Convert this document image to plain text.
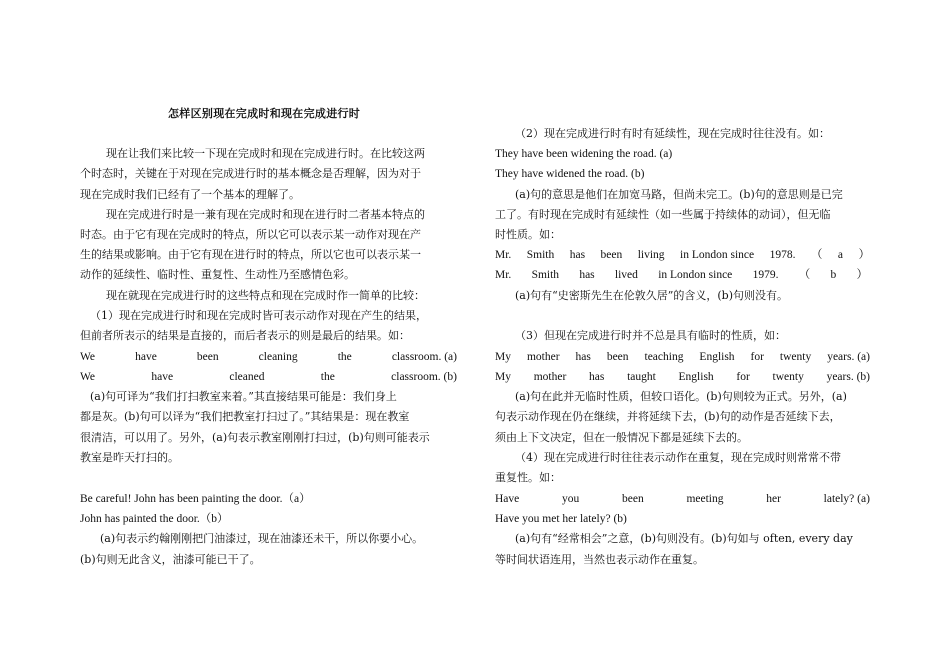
怎样区别现在完成时和现在完成进行时
现在让我们来比较一下现在完成时和现在完成进行时。在比较这两
个时态时，关键在于对现在完成进行时的基本概念是否理解，因为对于
现在完成时我们已经有了一个基本的理解了。
现在完成进行时是一兼有现在完成时和现在进行时二者基本特点的
时态。由于它有现在完成时的特点，所以它可以表示某一动作对现在产
生的结果或影响。由于它有现在进行时的特点，所以它也可以表示某一
动作的延续性、临时性、重复性、生动性乃至感情色彩。
现在就现在完成进行时的这些特点和现在完成时作一简单的比较：
（1）现在完成进行时和现在完成时皆可表示动作对现在产生的结果，
但前者所表示的结果是直接的，而后者表示的则是最后的结果。如：
We	have	been	cleaning	the	classroom. (a)
We	have	cleaned	the	classroom. (b)
(a)句可译为“我们打扫教室来着。”其直接结果可能是：我们身上
都是灰。(b)句可以译为“我们把教室打扫过了。”其结果是：现在教室
很清洁，可以用了。另外，(a)句表示教室刚刚打扫过，(b)句则可能表示
教室是昨天打扫的。
Be careful! John has been painting the door.（a）
John has painted the door.（b）
(a)句表示约翰刚刚把门油漆过，现在油漆还未干，所以你要小心。
(b)句则无此含义，油漆可能已干了。
（2）现在完成进行时有时有延续性，现在完成时往往没有。如：
They have been widening the road. (a)
They have widened the road. (b)
(a)句的意思是他们在加宽马路，但尚未完工。(b)句的意思则是已完
工了。有时现在完成时有延续性（如一些属于持续体的动词），但无临
时性质。如：
Mr. Smith has been living in London since 1978. （ a ）
Mr. Smith has lived in London since 1979. （ b ）
(a)句有“史密斯先生在伦敦久居”的含义，(b)句则没有。
（3）但现在完成进行时并不总是具有临时的性质，如：
My mother has been teaching English for twenty years. (a)
My mother has taught English for twenty years. (b)
(a)句在此并无临时性质，但较口语化。(b)句则较为正式。另外，(a)
句表示动作现在仍在继续，并将延续下去，(b)句的动作是否延续下去，
须由上下文决定，但在一般情况下都是延续下去的。
（4）现在完成进行时往往表示动作在重复，现在完成时则常常不带
重复性。如：
Have	you	been	meeting	her	lately? (a)
Have you met her lately? (b)
(a)句有“经常相会”之意，(b)句则没有。(b)句如与 often, every day
等时间状语连用，当然也表示动作在重复。
